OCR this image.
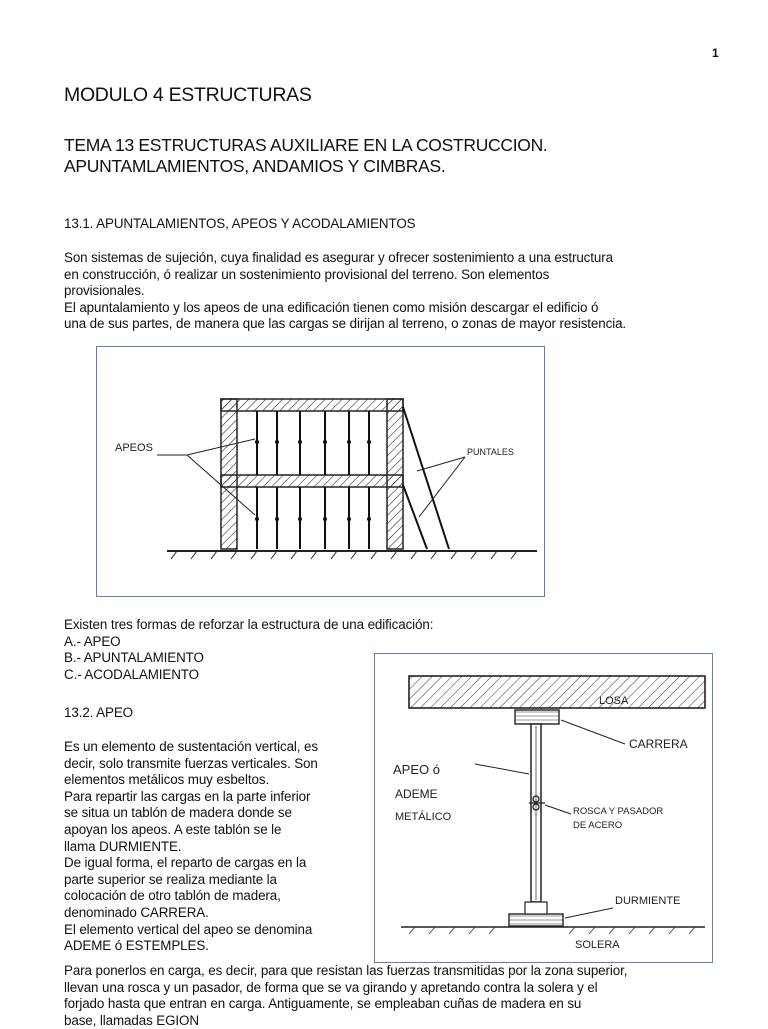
1
MODULO 4 ESTRUCTURAS
TEMA 13 ESTRUCTURAS AUXILIARE EN LA COSTRUCCION.
APUNTAMLAMIENTOS, ANDAMIOS Y CIMBRAS.
13.1. APUNTALAMIENTOS, APEOS Y ACODALAMIENTOS
Son sistemas de sujeción, cuya finalidad es asegurar y ofrecer sostenimiento a una estructura
en construcción, ó realizar un sostenimiento provisional del terreno. Son elementos
provisionales.
El apuntalamiento y los apeos de una edificación tienen como misión descargar el edificio ó
una de sus partes, de manera que las cargas se dirijan al terreno, o zonas de mayor resistencia.
APEOS	PUNTALES
Existen tres formas de reforzar la estructura de una edificación:
A.- APEO
B.- APUNTALAMIENTO
C.- ACODALAMIENTO
13.2. APEO
Es un elemento de sustentación vertical, es
decir, solo transmite fuerzas verticales. Son
elementos metálicos muy esbeltos.
Para repartir las cargas en la parte inferior
se situa un tablón de madera donde se
apoyan los apeos. A este tablón se le
llama DURMIENTE.
De igual forma, el reparto de cargas en la
parte superior se realiza mediante la
colocación de otro tablón de madera,
denominado CARRERA.
El elemento vertical del apeo se denomina
ADEME ó ESTEMPLES.
LOSA
CARRERA
APEO ó
ADEME
METÁLICO	ROSCA Y PASADOR
DE ACERO
DURMIENTE
SOLERA
Para ponerlos en carga, es decir, para que resistan las fuerzas transmitidas por la zona superior,
llevan una rosca y un pasador, de forma que se va girando y apretando contra la solera y el
forjado hasta que entran en carga. Antiguamente, se empleaban cuñas de madera en su
base, llamadas EGION
